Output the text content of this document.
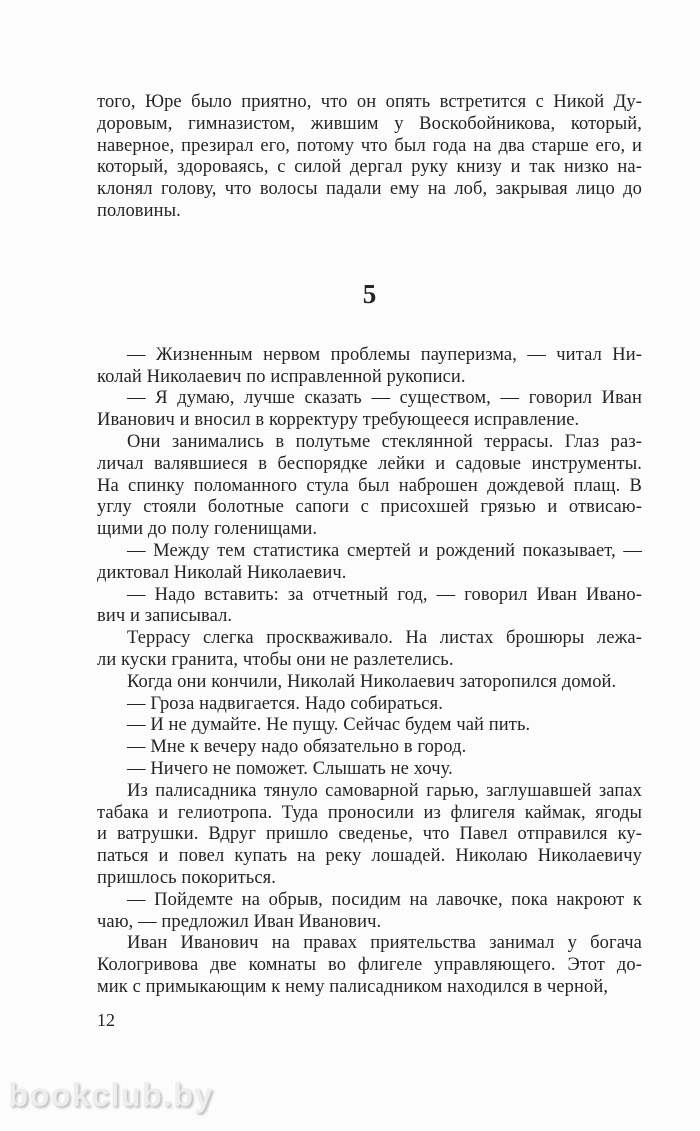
того, Юре было приятно, что он опять встретится с Никой Ду-
доровым, гимназистом, жившим у Воскобойникова, который,
наверное, презирал его, потому что был года на два старше его, и
который, здороваясь, с силой дергал руку книзу и так низко на-
клонял голову, что волосы падали ему на лоб, закрывая лицо до
половины.
5
— Жизненным нервом проблемы пауперизма, — читал Ни-
колай Николаевич по исправленной рукописи.
— Я думаю, лучше сказать — существом, — говорил Иван
Иванович и вносил в корректуру требующееся исправление.
Они занимались в полутьме стеклянной террасы. Глаз раз-
личал валявшиеся в беспорядке лейки и садовые инструменты.
На спинку поломанного стула был наброшен дождевой плащ. В
углу стояли болотные сапоги с присохшей грязью и отвисаю-
щими до полу голенищами.
— Между тем статистика смертей и рождений показывает, —
диктовал Николай Николаевич.
— Надо вставить: за отчетный год, — говорил Иван Ивано-
вич и записывал.
Террасу слегка проскваживало. На листах брошюры лежа-
ли куски гранита, чтобы они не разлетелись.
Когда они кончили, Николай Николаевич заторопился домой.
— Гроза надвигается. Надо собираться.
— И не думайте. Не пущу. Сейчас будем чай пить.
— Мне к вечеру надо обязательно в город.
— Ничего не поможет. Слышать не хочу.
Из палисадника тянуло самоварной гарью, заглушавшей запах
табака и гелиотропа. Туда проносили из флигеля каймак, ягоды
и ватрушки. Вдруг пришло сведенье, что Павел отправился ку-
паться и повел купать на реку лошадей. Николаю Николаевичу
пришлось покориться.
— Пойдемте на обрыв, посидим на лавочке, пока накроют к
чаю, — предложил Иван Иванович.
Иван Иванович на правах приятельства занимал у богача
Кологривова две комнаты во флигеле управляющего. Этот до-
мик с примыкающим к нему палисадником находился в черной,
12
bookclub.by
